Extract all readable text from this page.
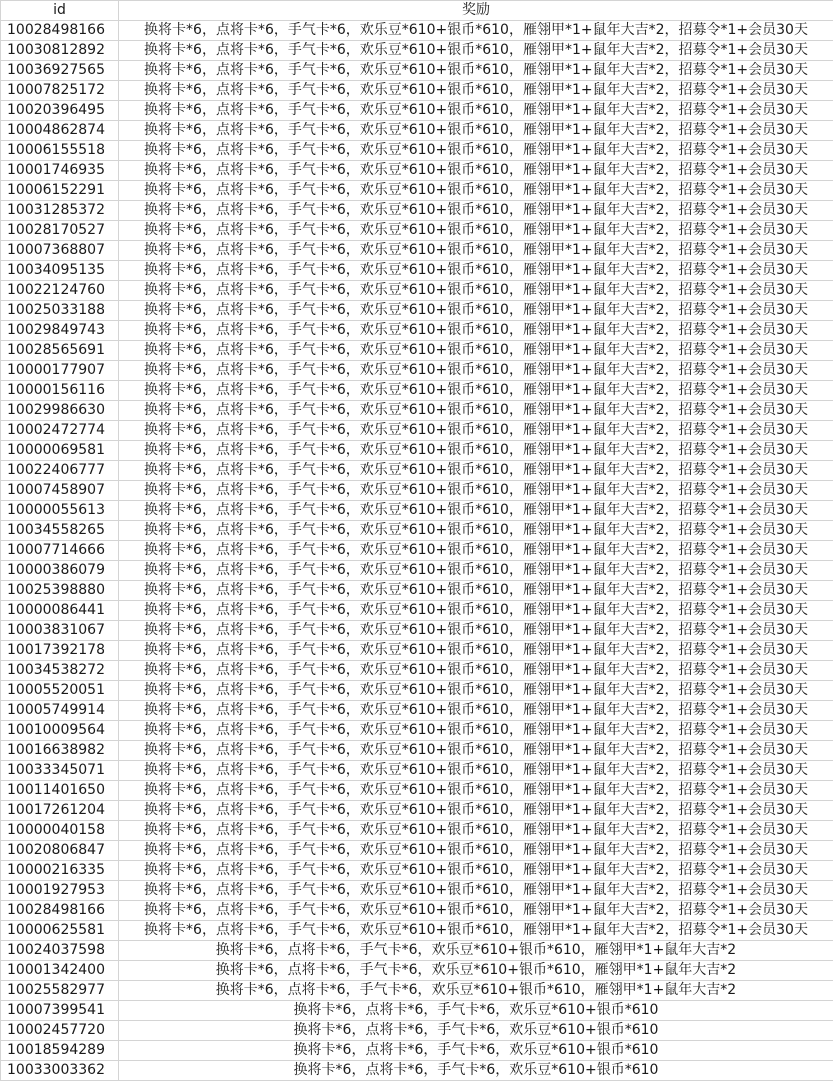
id	奖励
10028498166	换将卡*6，点将卡*6，手气卡*6，欢乐豆*610+银币*610，雁翎甲*1+鼠年大吉*2，招募令*1+会员30天
10030812892	换将卡*6，点将卡*6，手气卡*6，欢乐豆*610+银币*610，雁翎甲*1+鼠年大吉*2，招募令*1+会员30天
10036927565	换将卡*6，点将卡*6，手气卡*6，欢乐豆*610+银币*610，雁翎甲*1+鼠年大吉*2，招募令*1+会员30天
10007825172	换将卡*6，点将卡*6，手气卡*6，欢乐豆*610+银币*610，雁翎甲*1+鼠年大吉*2，招募令*1+会员30天
10020396495	换将卡*6，点将卡*6，手气卡*6，欢乐豆*610+银币*610，雁翎甲*1+鼠年大吉*2，招募令*1+会员30天
10004862874	换将卡*6，点将卡*6，手气卡*6，欢乐豆*610+银币*610，雁翎甲*1+鼠年大吉*2，招募令*1+会员30天
10006155518	换将卡*6，点将卡*6，手气卡*6，欢乐豆*610+银币*610，雁翎甲*1+鼠年大吉*2，招募令*1+会员30天
10001746935	换将卡*6，点将卡*6，手气卡*6，欢乐豆*610+银币*610，雁翎甲*1+鼠年大吉*2，招募令*1+会员30天
10006152291	换将卡*6，点将卡*6，手气卡*6，欢乐豆*610+银币*610，雁翎甲*1+鼠年大吉*2，招募令*1+会员30天
10031285372	换将卡*6，点将卡*6，手气卡*6，欢乐豆*610+银币*610，雁翎甲*1+鼠年大吉*2，招募令*1+会员30天
10028170527	换将卡*6，点将卡*6，手气卡*6，欢乐豆*610+银币*610，雁翎甲*1+鼠年大吉*2，招募令*1+会员30天
10007368807	换将卡*6，点将卡*6，手气卡*6，欢乐豆*610+银币*610，雁翎甲*1+鼠年大吉*2，招募令*1+会员30天
10034095135	换将卡*6，点将卡*6，手气卡*6，欢乐豆*610+银币*610，雁翎甲*1+鼠年大吉*2，招募令*1+会员30天
10022124760	换将卡*6，点将卡*6，手气卡*6，欢乐豆*610+银币*610，雁翎甲*1+鼠年大吉*2，招募令*1+会员30天
10025033188	换将卡*6，点将卡*6，手气卡*6，欢乐豆*610+银币*610，雁翎甲*1+鼠年大吉*2，招募令*1+会员30天
10029849743	换将卡*6，点将卡*6，手气卡*6，欢乐豆*610+银币*610，雁翎甲*1+鼠年大吉*2，招募令*1+会员30天
10028565691	换将卡*6，点将卡*6，手气卡*6，欢乐豆*610+银币*610，雁翎甲*1+鼠年大吉*2，招募令*1+会员30天
10000177907	换将卡*6，点将卡*6，手气卡*6，欢乐豆*610+银币*610，雁翎甲*1+鼠年大吉*2，招募令*1+会员30天
10000156116	换将卡*6，点将卡*6，手气卡*6，欢乐豆*610+银币*610，雁翎甲*1+鼠年大吉*2，招募令*1+会员30天
10029986630	换将卡*6，点将卡*6，手气卡*6，欢乐豆*610+银币*610，雁翎甲*1+鼠年大吉*2，招募令*1+会员30天
10002472774	换将卡*6，点将卡*6，手气卡*6，欢乐豆*610+银币*610，雁翎甲*1+鼠年大吉*2，招募令*1+会员30天
10000069581	换将卡*6，点将卡*6，手气卡*6，欢乐豆*610+银币*610，雁翎甲*1+鼠年大吉*2，招募令*1+会员30天
10022406777	换将卡*6，点将卡*6，手气卡*6，欢乐豆*610+银币*610，雁翎甲*1+鼠年大吉*2，招募令*1+会员30天
10007458907	换将卡*6，点将卡*6，手气卡*6，欢乐豆*610+银币*610，雁翎甲*1+鼠年大吉*2，招募令*1+会员30天
10000055613	换将卡*6，点将卡*6，手气卡*6，欢乐豆*610+银币*610，雁翎甲*1+鼠年大吉*2，招募令*1+会员30天
10034558265	换将卡*6，点将卡*6，手气卡*6，欢乐豆*610+银币*610，雁翎甲*1+鼠年大吉*2，招募令*1+会员30天
10007714666	换将卡*6，点将卡*6，手气卡*6，欢乐豆*610+银币*610，雁翎甲*1+鼠年大吉*2，招募令*1+会员30天
10000386079	换将卡*6，点将卡*6，手气卡*6，欢乐豆*610+银币*610，雁翎甲*1+鼠年大吉*2，招募令*1+会员30天
10025398880	换将卡*6，点将卡*6，手气卡*6，欢乐豆*610+银币*610，雁翎甲*1+鼠年大吉*2，招募令*1+会员30天
10000086441	换将卡*6，点将卡*6，手气卡*6，欢乐豆*610+银币*610，雁翎甲*1+鼠年大吉*2，招募令*1+会员30天
10003831067	换将卡*6，点将卡*6，手气卡*6，欢乐豆*610+银币*610，雁翎甲*1+鼠年大吉*2，招募令*1+会员30天
10017392178	换将卡*6，点将卡*6，手气卡*6，欢乐豆*610+银币*610，雁翎甲*1+鼠年大吉*2，招募令*1+会员30天
10034538272	换将卡*6，点将卡*6，手气卡*6，欢乐豆*610+银币*610，雁翎甲*1+鼠年大吉*2，招募令*1+会员30天
10005520051	换将卡*6，点将卡*6，手气卡*6，欢乐豆*610+银币*610，雁翎甲*1+鼠年大吉*2，招募令*1+会员30天
10005749914	换将卡*6，点将卡*6，手气卡*6，欢乐豆*610+银币*610，雁翎甲*1+鼠年大吉*2，招募令*1+会员30天
10010009564	换将卡*6，点将卡*6，手气卡*6，欢乐豆*610+银币*610，雁翎甲*1+鼠年大吉*2，招募令*1+会员30天
10016638982	换将卡*6，点将卡*6，手气卡*6，欢乐豆*610+银币*610，雁翎甲*1+鼠年大吉*2，招募令*1+会员30天
10033345071	换将卡*6，点将卡*6，手气卡*6，欢乐豆*610+银币*610，雁翎甲*1+鼠年大吉*2，招募令*1+会员30天
10011401650	换将卡*6，点将卡*6，手气卡*6，欢乐豆*610+银币*610，雁翎甲*1+鼠年大吉*2，招募令*1+会员30天
10017261204	换将卡*6，点将卡*6，手气卡*6，欢乐豆*610+银币*610，雁翎甲*1+鼠年大吉*2，招募令*1+会员30天
10000040158	换将卡*6，点将卡*6，手气卡*6，欢乐豆*610+银币*610，雁翎甲*1+鼠年大吉*2，招募令*1+会员30天
10020806847	换将卡*6，点将卡*6，手气卡*6，欢乐豆*610+银币*610，雁翎甲*1+鼠年大吉*2，招募令*1+会员30天
10000216335	换将卡*6，点将卡*6，手气卡*6，欢乐豆*610+银币*610，雁翎甲*1+鼠年大吉*2，招募令*1+会员30天
10001927953	换将卡*6，点将卡*6，手气卡*6，欢乐豆*610+银币*610，雁翎甲*1+鼠年大吉*2，招募令*1+会员30天
10028498166	换将卡*6，点将卡*6，手气卡*6，欢乐豆*610+银币*610，雁翎甲*1+鼠年大吉*2，招募令*1+会员30天
10000625581	换将卡*6，点将卡*6，手气卡*6，欢乐豆*610+银币*610，雁翎甲*1+鼠年大吉*2，招募令*1+会员30天
10024037598	换将卡*6，点将卡*6，手气卡*6，欢乐豆*610+银币*610，雁翎甲*1+鼠年大吉*2
10001342400	换将卡*6，点将卡*6，手气卡*6，欢乐豆*610+银币*610，雁翎甲*1+鼠年大吉*2
10025582977	换将卡*6，点将卡*6，手气卡*6，欢乐豆*610+银币*610，雁翎甲*1+鼠年大吉*2
10007399541	换将卡*6，点将卡*6，手气卡*6，欢乐豆*610+银币*610
10002457720	换将卡*6，点将卡*6，手气卡*6，欢乐豆*610+银币*610
10018594289	换将卡*6，点将卡*6，手气卡*6，欢乐豆*610+银币*610
10033003362	换将卡*6，点将卡*6，手气卡*6，欢乐豆*610+银币*610
